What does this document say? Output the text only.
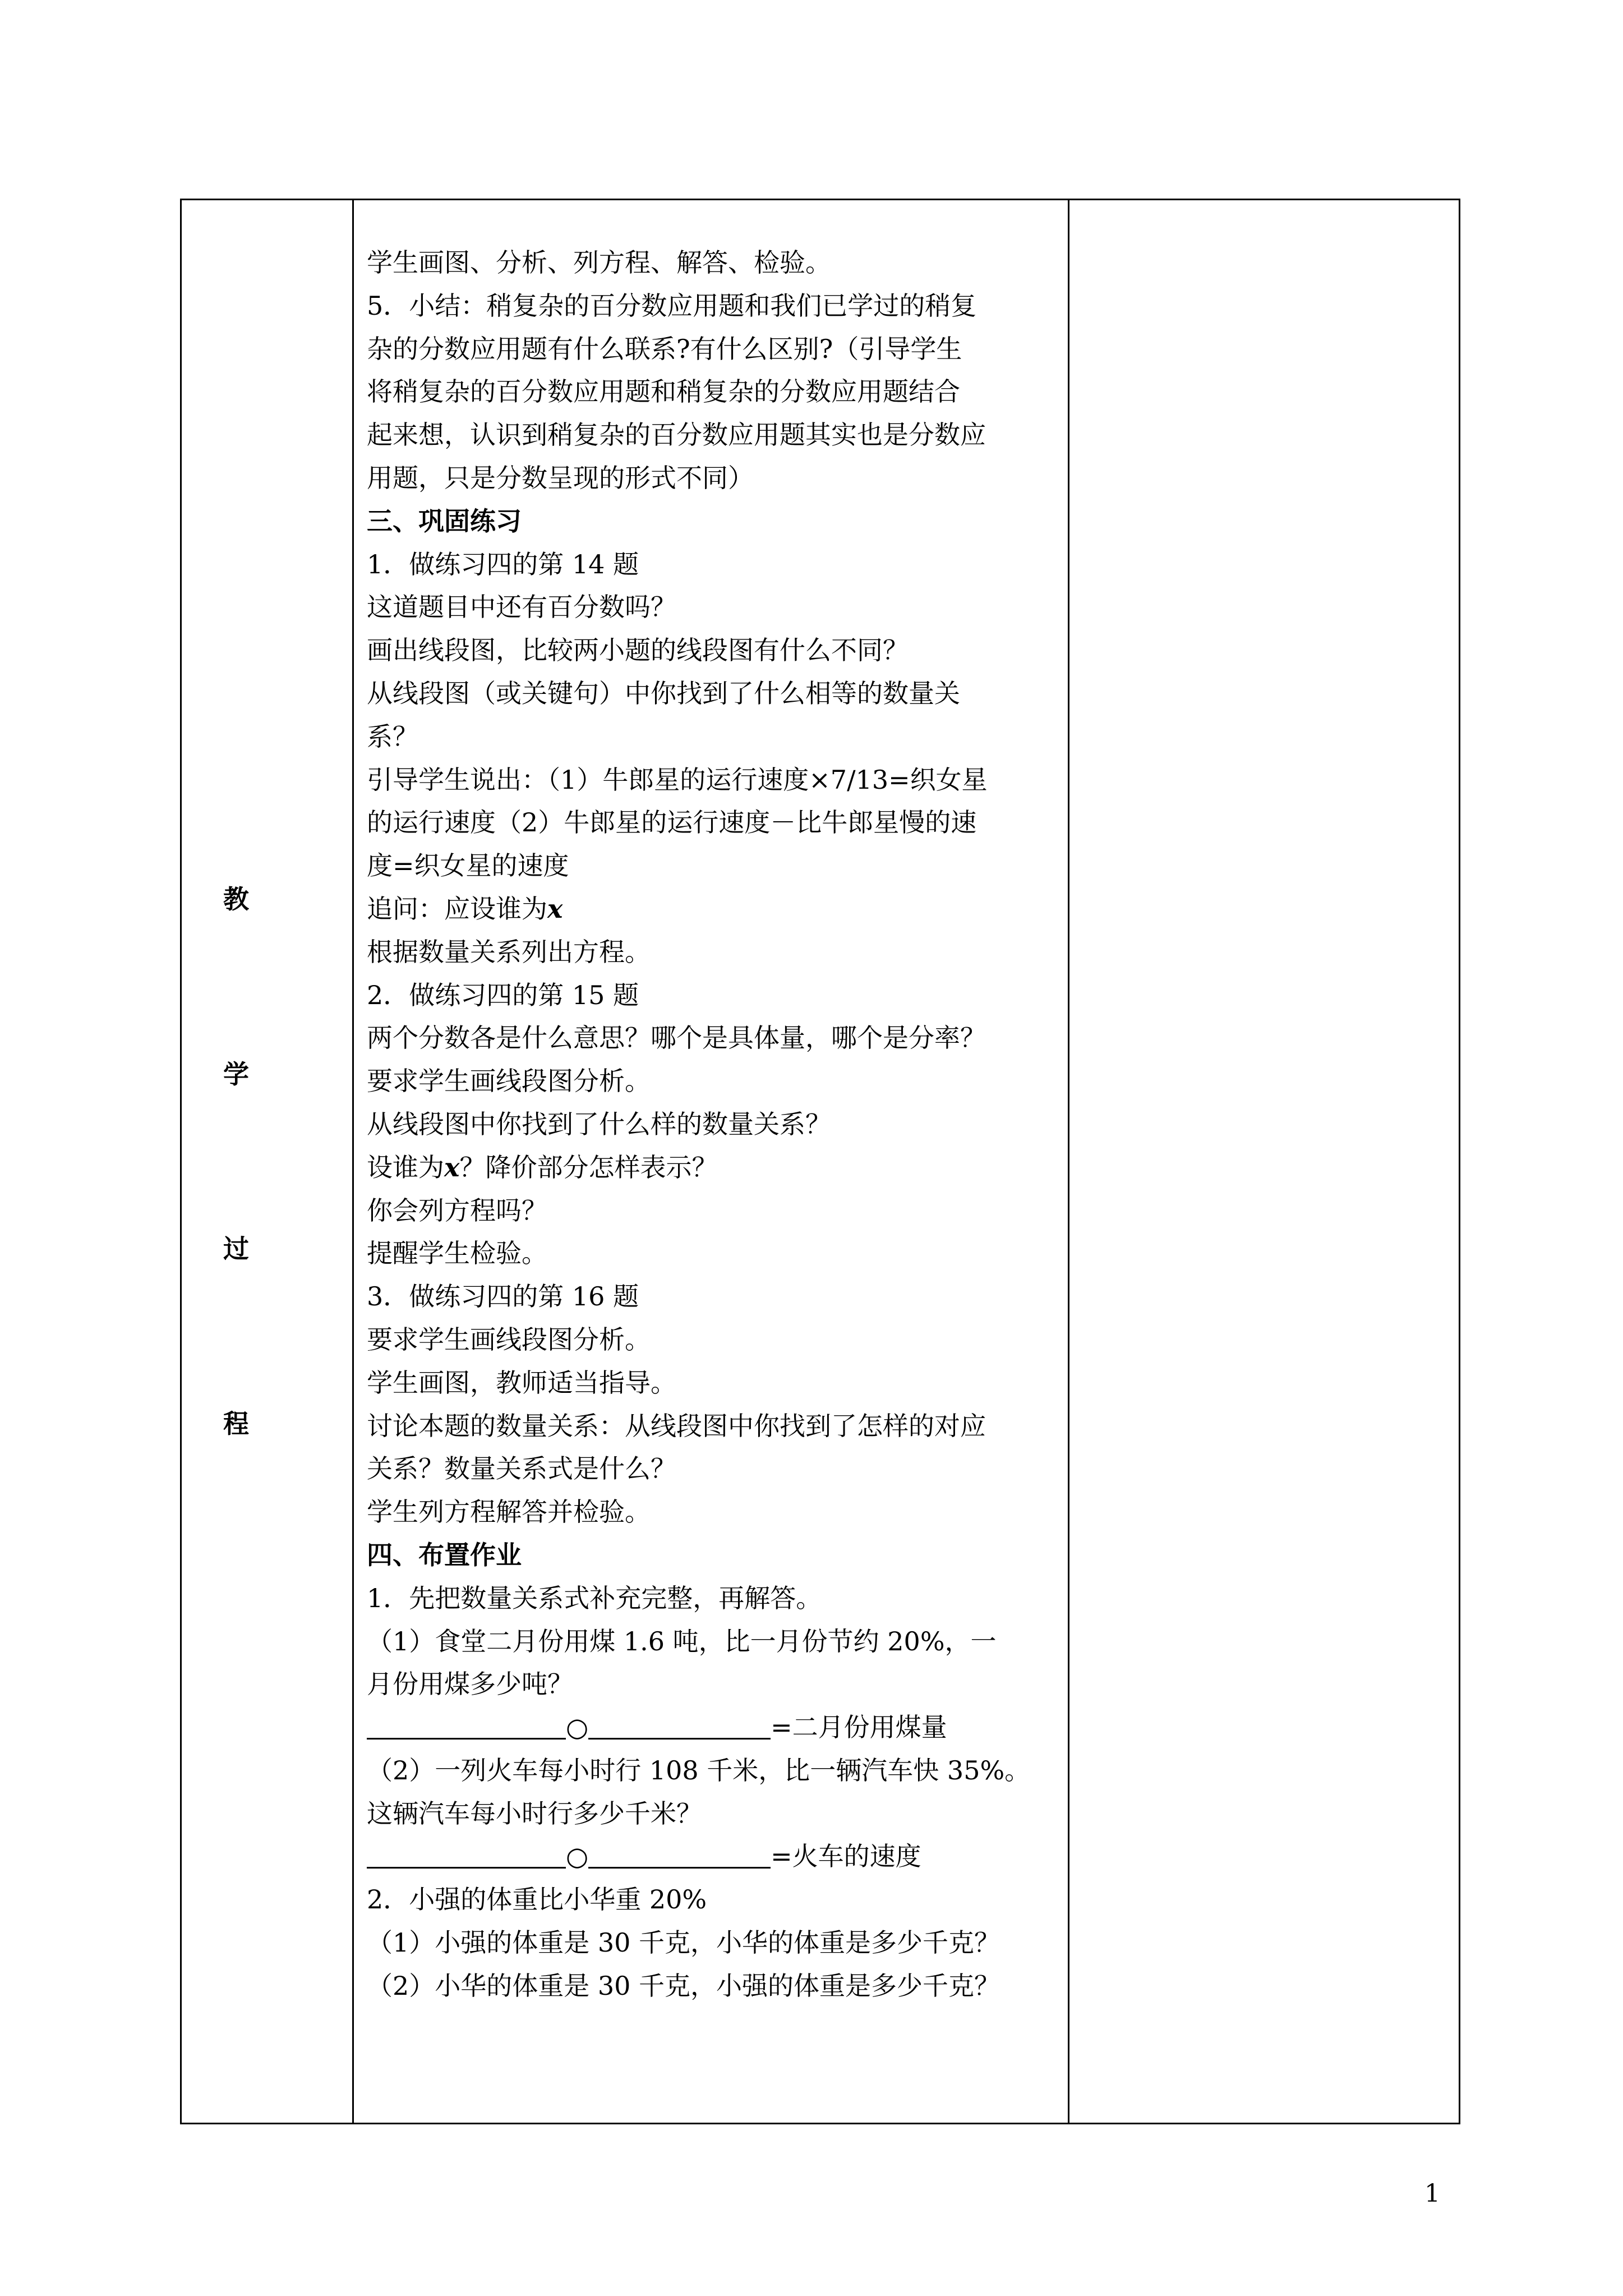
教
学
过
程
学生画图、分析、列方程、解答、检验。
5．小结：稍复杂的百分数应用题和我们已学过的稍复
杂的分数应用题有什么联系?有什么区别?（引导学生
将稍复杂的百分数应用题和稍复杂的分数应用题结合
起来想，认识到稍复杂的百分数应用题其实也是分数应
用题，只是分数呈现的形式不同）
三、巩固练习
1．做练习四的第 14 题
这道题目中还有百分数吗？
画出线段图，比较两小题的线段图有什么不同？
从线段图（或关键句）中你找到了什么相等的数量关
系？
引导学生说出：（1）牛郎星的运行速度×7/13=织女星
的运行速度（2）牛郎星的运行速度－比牛郎星慢的速
度=织女星的速度
追问：应设谁为x
根据数量关系列出方程。
2．做练习四的第 15 题
两个分数各是什么意思？哪个是具体量，哪个是分率？
要求学生画线段图分析。
从线段图中你找到了什么样的数量关系？
设谁为x？降价部分怎样表示？
你会列方程吗？
提醒学生检验。
3．做练习四的第 16 题
要求学生画线段图分析。
学生画图，教师适当指导。
讨论本题的数量关系：从线段图中你找到了怎样的对应
关系？数量关系式是什么？
学生列方程解答并检验。
四、布置作业
1．先把数量关系式补充完整，再解答。
（1）食堂二月份用煤 1.6 吨，比一月份节约 20%，一
月份用煤多少吨？
○	=二月份用煤量
（2）一列火车每小时行 108 千米，比一辆汽车快 35%。
这辆汽车每小时行多少千米？
○	=火车的速度
2．小强的体重比小华重 20%
（1）小强的体重是 30 千克，小华的体重是多少千克？
（2）小华的体重是 30 千克，小强的体重是多少千克？
1
